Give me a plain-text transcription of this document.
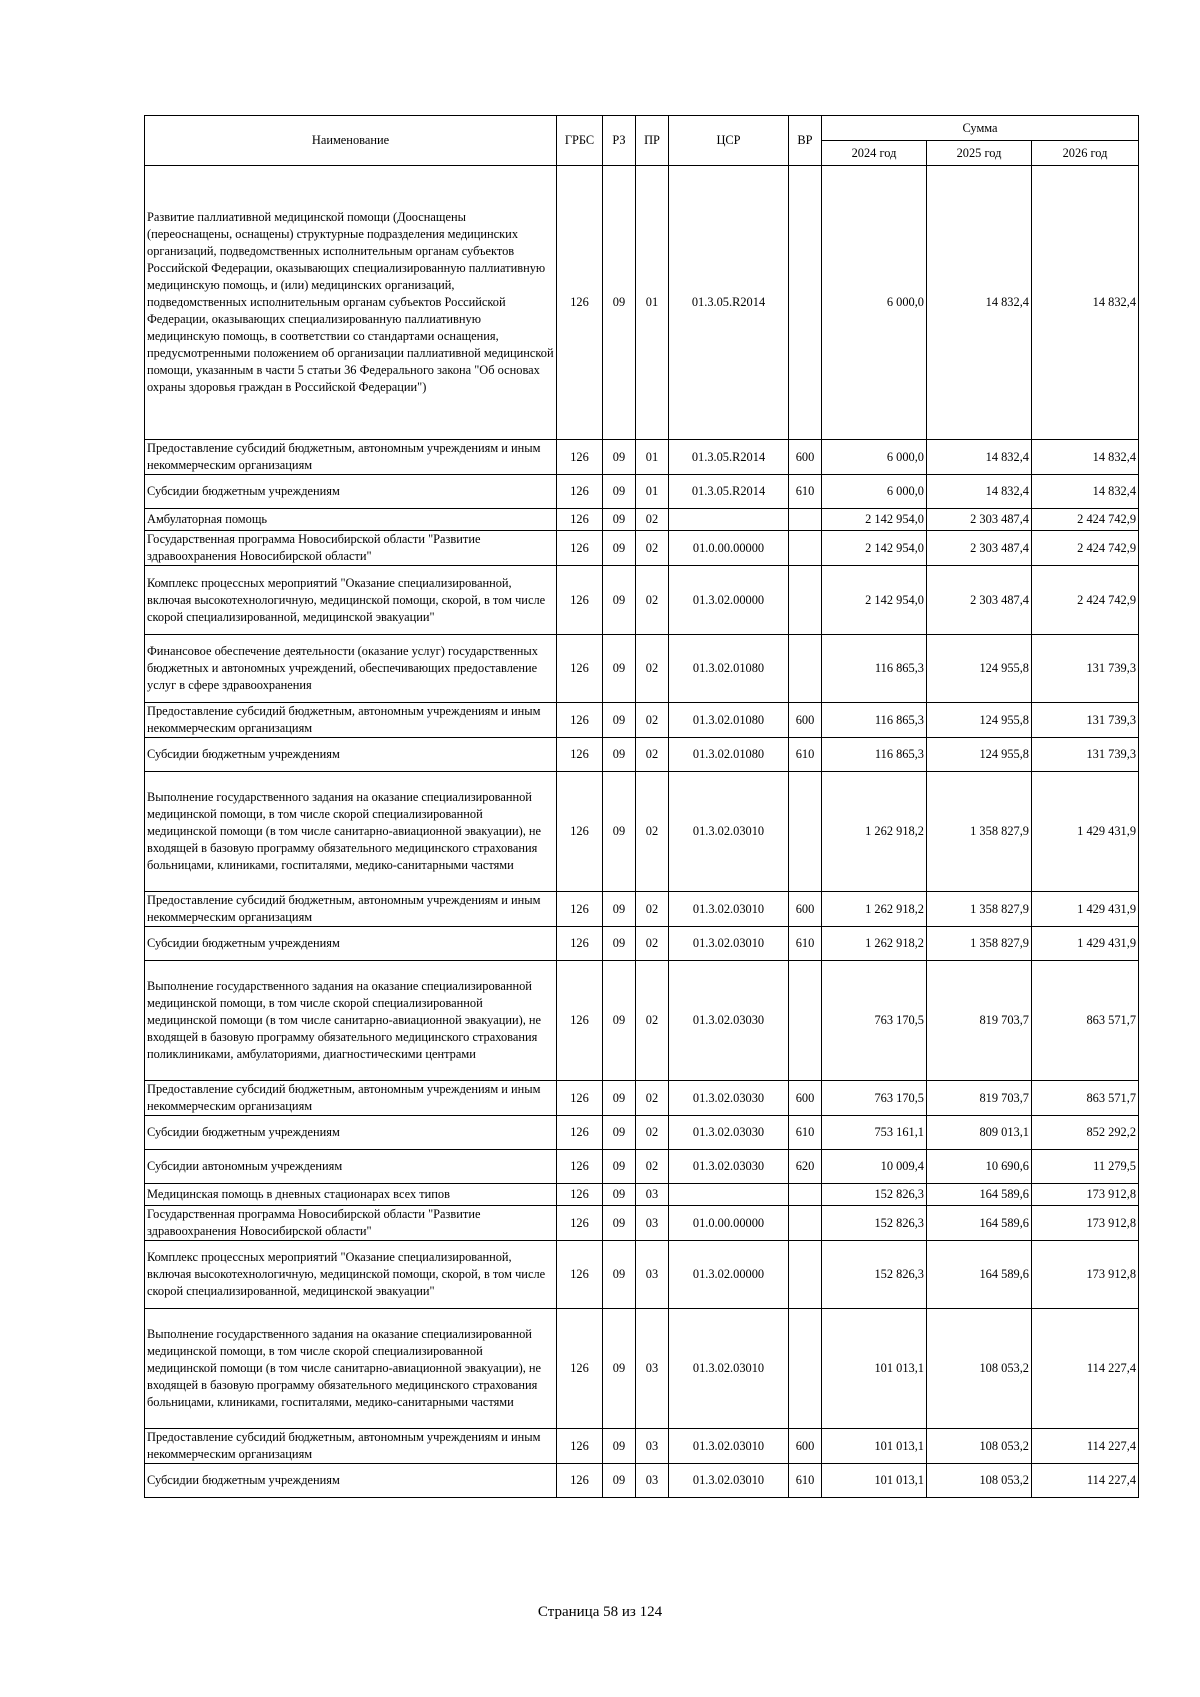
Наименование	ГРБС	РЗ	ПР	ЦСР	ВР	Сумма		
						2024 год	2025 год	2026 год
Развитие паллиативной медицинской помощи (Дооснащены (переоснащены, оснащены) структурные подразделения медицинских организаций, подведомственных исполнительным органам субъектов Российской Федерации, оказывающих специализированную паллиативную медицинскую помощь, и (или) медицинских организаций, подведомственных исполнительным органам субъектов Российской Федерации, оказывающих специализированную паллиативную медицинскую помощь, в соответствии со стандартами оснащения, предусмотренными положением об организации паллиативной медицинской помощи, указанным в части 5 статьи 36 Федерального закона "Об основах охраны здоровья граждан в Российской Федерации")	126	09	01	01.3.05.R2014		6 000,0	14 832,4	14 832,4
Предоставление субсидий бюджетным, автономным учреждениям и иным некоммерческим организациям	126	09	01	01.3.05.R2014	600	6 000,0	14 832,4	14 832,4
Субсидии бюджетным учреждениям	126	09	01	01.3.05.R2014	610	6 000,0	14 832,4	14 832,4
Амбулаторная помощь	126	09	02			2 142 954,0	2 303 487,4	2 424 742,9
Государственная программа Новосибирской области "Развитие здравоохранения Новосибирской области"	126	09	02	01.0.00.00000		2 142 954,0	2 303 487,4	2 424 742,9
Комплекс процессных мероприятий "Оказание специализированной, включая высокотехнологичную, медицинской помощи, скорой, в том числе скорой специализированной, медицинской эвакуации"	126	09	02	01.3.02.00000		2 142 954,0	2 303 487,4	2 424 742,9
Финансовое обеспечение деятельности (оказание услуг) государственных бюджетных и автономных учреждений, обеспечивающих предоставление услуг в сфере здравоохранения	126	09	02	01.3.02.01080		116 865,3	124 955,8	131 739,3
Предоставление субсидий бюджетным, автономным учреждениям и иным некоммерческим организациям	126	09	02	01.3.02.01080	600	116 865,3	124 955,8	131 739,3
Субсидии бюджетным учреждениям	126	09	02	01.3.02.01080	610	116 865,3	124 955,8	131 739,3
Выполнение государственного задания на оказание специализированной медицинской помощи, в том числе скорой специализированной медицинской помощи (в том числе санитарно-авиационной эвакуации), не входящей в базовую программу обязательного медицинского страхования больницами, клиниками, госпиталями, медико-санитарными частями	126	09	02	01.3.02.03010		1 262 918,2	1 358 827,9	1 429 431,9
Предоставление субсидий бюджетным, автономным учреждениям и иным некоммерческим организациям	126	09	02	01.3.02.03010	600	1 262 918,2	1 358 827,9	1 429 431,9
Субсидии бюджетным учреждениям	126	09	02	01.3.02.03010	610	1 262 918,2	1 358 827,9	1 429 431,9
Выполнение государственного задания на оказание специализированной медицинской помощи, в том числе скорой специализированной медицинской помощи (в том числе санитарно-авиационной эвакуации), не входящей в базовую программу обязательного медицинского страхования поликлиниками, амбулаториями, диагностическими центрами	126	09	02	01.3.02.03030		763 170,5	819 703,7	863 571,7
Предоставление субсидий бюджетным, автономным учреждениям и иным некоммерческим организациям	126	09	02	01.3.02.03030	600	763 170,5	819 703,7	863 571,7
Субсидии бюджетным учреждениям	126	09	02	01.3.02.03030	610	753 161,1	809 013,1	852 292,2
Субсидии автономным учреждениям	126	09	02	01.3.02.03030	620	10 009,4	10 690,6	11 279,5
Медицинская помощь в дневных стационарах всех типов	126	09	03			152 826,3	164 589,6	173 912,8
Государственная программа Новосибирской области "Развитие здравоохранения Новосибирской области"	126	09	03	01.0.00.00000		152 826,3	164 589,6	173 912,8
Комплекс процессных мероприятий "Оказание специализированной, включая высокотехнологичную, медицинской помощи, скорой, в том числе скорой специализированной, медицинской эвакуации"	126	09	03	01.3.02.00000		152 826,3	164 589,6	173 912,8
Выполнение государственного задания на оказание специализированной медицинской помощи, в том числе скорой специализированной медицинской помощи (в том числе санитарно-авиационной эвакуации), не входящей в базовую программу обязательного медицинского страхования больницами, клиниками, госпиталями, медико-санитарными частями	126	09	03	01.3.02.03010		101 013,1	108 053,2	114 227,4
Предоставление субсидий бюджетным, автономным учреждениям и иным некоммерческим организациям	126	09	03	01.3.02.03010	600	101 013,1	108 053,2	114 227,4
Субсидии бюджетным учреждениям	126	09	03	01.3.02.03010	610	101 013,1	108 053,2	114 227,4
Страница 58 из 124
